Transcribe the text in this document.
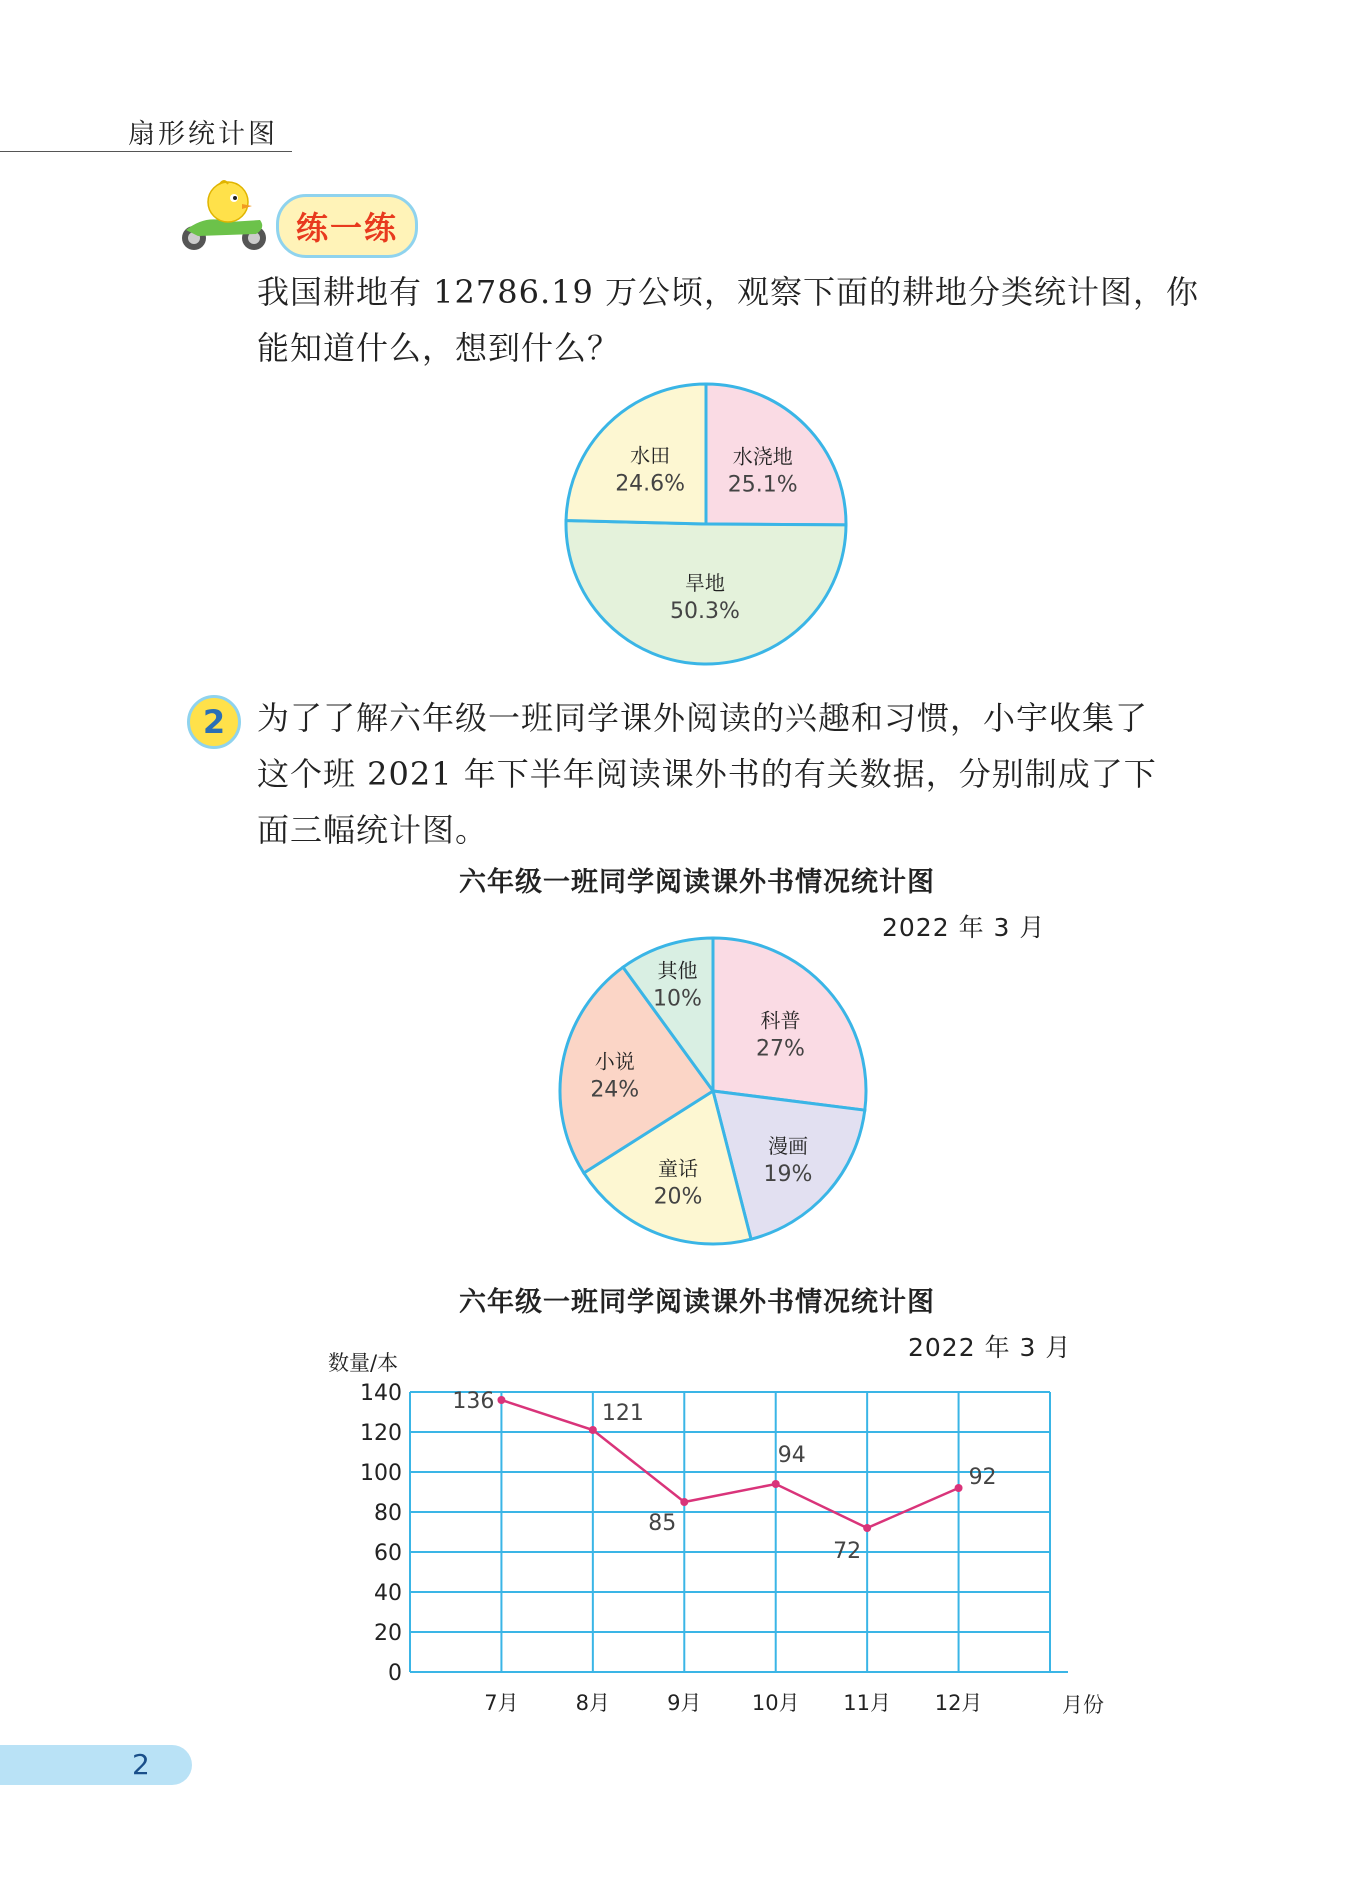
扇形统计图
练一练
我国耕地有 12786.19 万公顷，观察下面的耕地分类统计图，你
能知道什么，想到什么？
水浇地
25.1%
旱地
50.3%
水田
24.6%
2 为了了解六年级一班同学课外阅读的兴趣和习惯，小宇收集了
这个班 2021 年下半年阅读课外书的有关数据，分别制成了下
面三幅统计图。
六年级一班同学阅读课外书情况统计图
2022 年 3 月
科普
27%
漫画
19%
童话
20%
小说
24%
其他
10%
六年级一班同学阅读课外书情况统计图
2022 年 3 月
0
20
40
60
80
100
120
140
数量/本
月份
7月	8月	9月 10月 11月 12月
136	121
85
94
72
92
2
